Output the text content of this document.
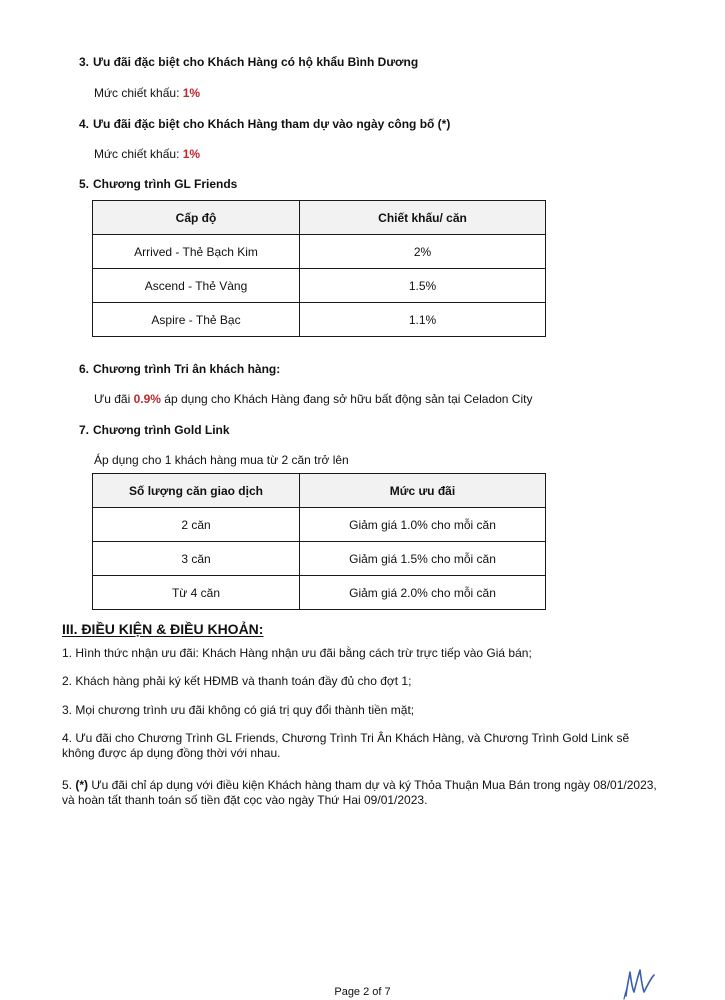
3. Ưu đãi đặc biệt cho Khách Hàng có hộ khẩu Bình Dương
Mức chiết khấu: 1%
4. Ưu đãi đặc biệt cho Khách Hàng tham dự vào ngày công bố (*)
Mức chiết khấu: 1%
5. Chương trình GL Friends
Cấp độ	Chiết khấu/ căn
Arrived - Thẻ Bạch Kim	2%
Ascend - Thẻ Vàng	1.5%
Aspire - Thẻ Bạc	1.1%
6. Chương trình Tri ân khách hàng:
Ưu đãi 0.9% áp dụng cho Khách Hàng đang sở hữu bất động sản tại Celadon City
7. Chương trình Gold Link
Áp dụng cho 1 khách hàng mua từ 2 căn trở lên
Số lượng căn giao dịch	Mức ưu đãi
2 căn	Giảm giá 1.0% cho mỗi căn
3 căn	Giảm giá 1.5% cho mỗi căn
Từ 4 căn	Giảm giá 2.0% cho mỗi căn
III. ĐIỀU KIỆN & ĐIỀU KHOẢN:
1. Hình thức nhận ưu đãi: Khách Hàng nhận ưu đãi bằng cách trừ trực tiếp vào Giá bán;
2. Khách hàng phải ký kết HĐMB và thanh toán đầy đủ cho đợt 1;
3. Mọi chương trình ưu đãi không có giá trị quy đổi thành tiền mặt;
4. Ưu đãi cho Chương Trình GL Friends, Chương Trình Tri Ân Khách Hàng, và Chương Trình Gold Link sẽ không được áp dụng đồng thời với nhau.
5. (*) Ưu đãi chỉ áp dụng với điều kiện Khách hàng tham dự và ký Thỏa Thuận Mua Bán trong ngày 08/01/2023, và hoàn tất thanh toán số tiền đặt cọc vào ngày Thứ Hai 09/01/2023.
Page 2 of 7
